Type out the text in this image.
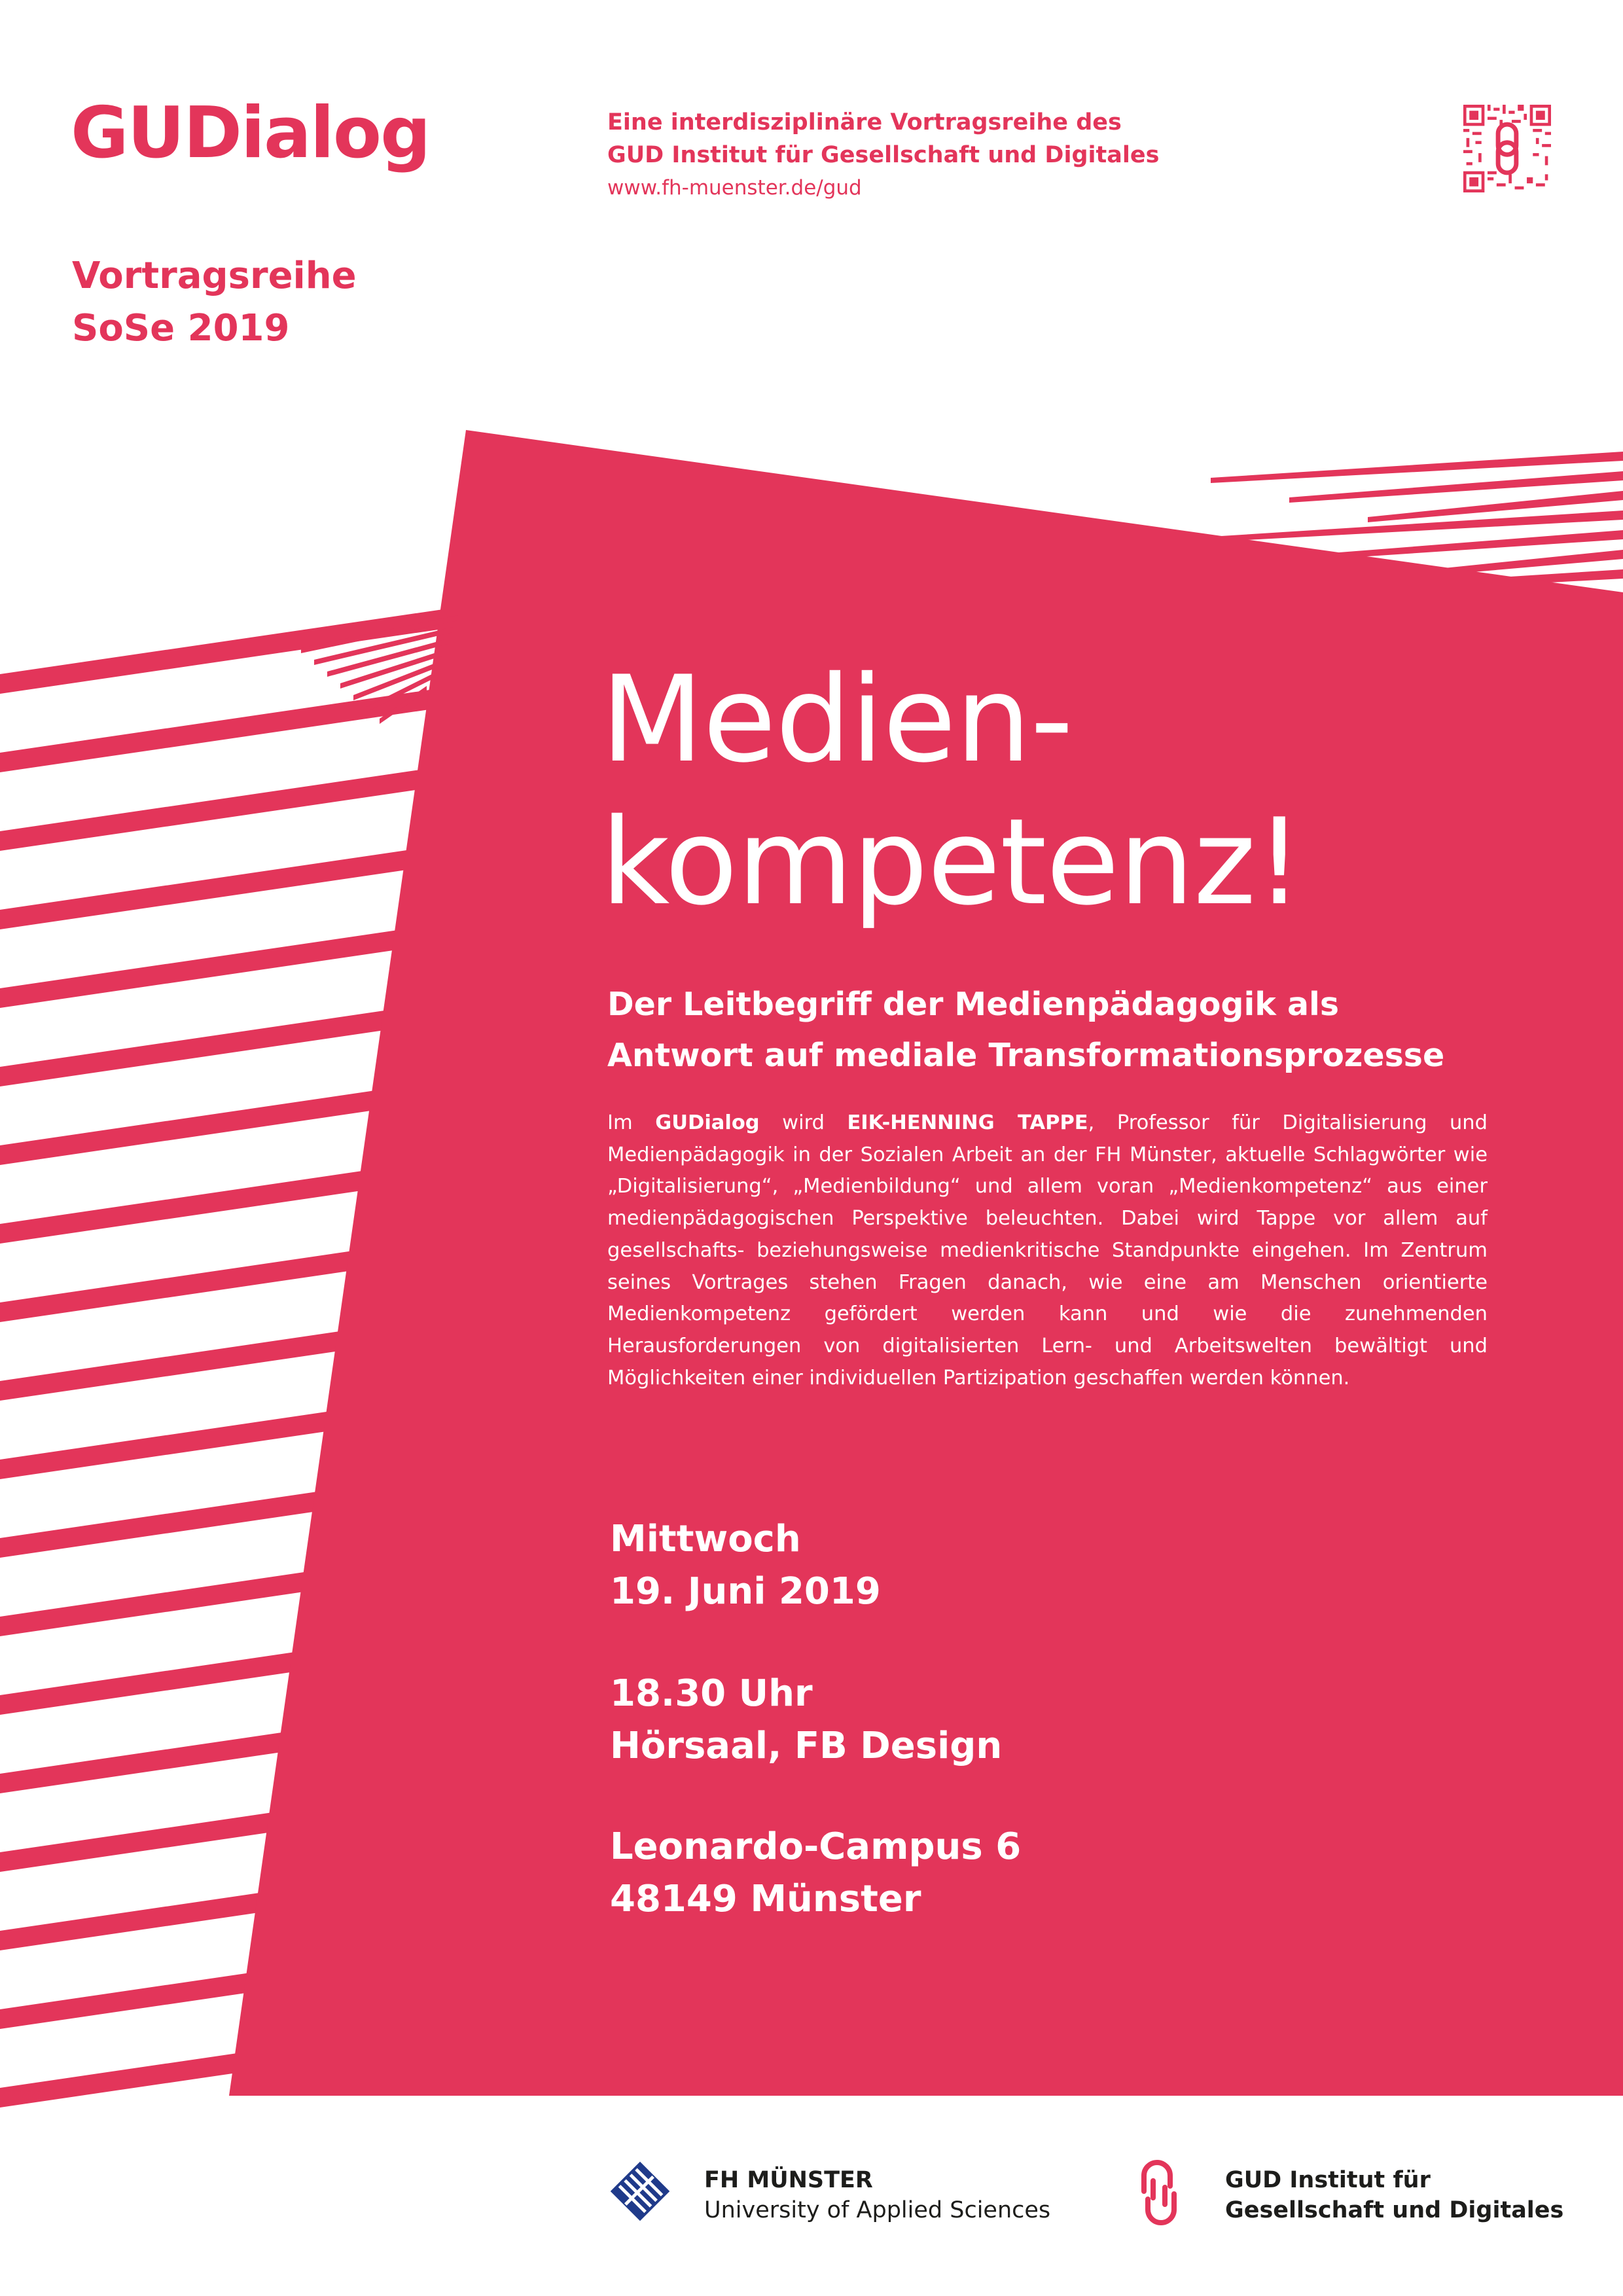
GUDialog
Vortragsreihe
SoSe 2019
Eine interdisziplinäre Vortragsreihe des
GUD Institut für Gesellschaft und Digitales
www.fh-muenster.de/gud
Medien-
kompetenz!
Der Leitbegriff der Medienpädagogik als
Antwort auf mediale Transformationsprozesse

Im GUDialog wird EIK-HENNING TAPPE, Professor für Digitalisierung und Medienpädagogik in der Sozialen Arbeit an der FH Münster, aktuelle Schlagwörter wie „Digitalisierung“, „Medienbildung“ und allem voran „Medienkompetenz“ aus einer medienpädagogischen Perspektive beleuchten. Dabei wird Tappe vor allem auf gesellschafts- beziehungsweise medienkritische Standpunkte eingehen. Im Zentrum seines Vortrages stehen Fragen danach, wie eine am Menschen orientierte Medienkompetenz gefördert werden kann und wie die zunehmenden Herausforderungen von digitalisierten Lern- und Arbeitswelten bewältigt und Möglichkeiten einer individuellen Partizipation geschaffen werden können.

Mittwoch
19. Juni 2019
18.30 Uhr
Hörsaal, FB Design
Leonardo-Campus 6
48149 Münster
FH MÜNSTER
University of Applied Sciences
GUD Institut für
Gesellschaft und Digitales
